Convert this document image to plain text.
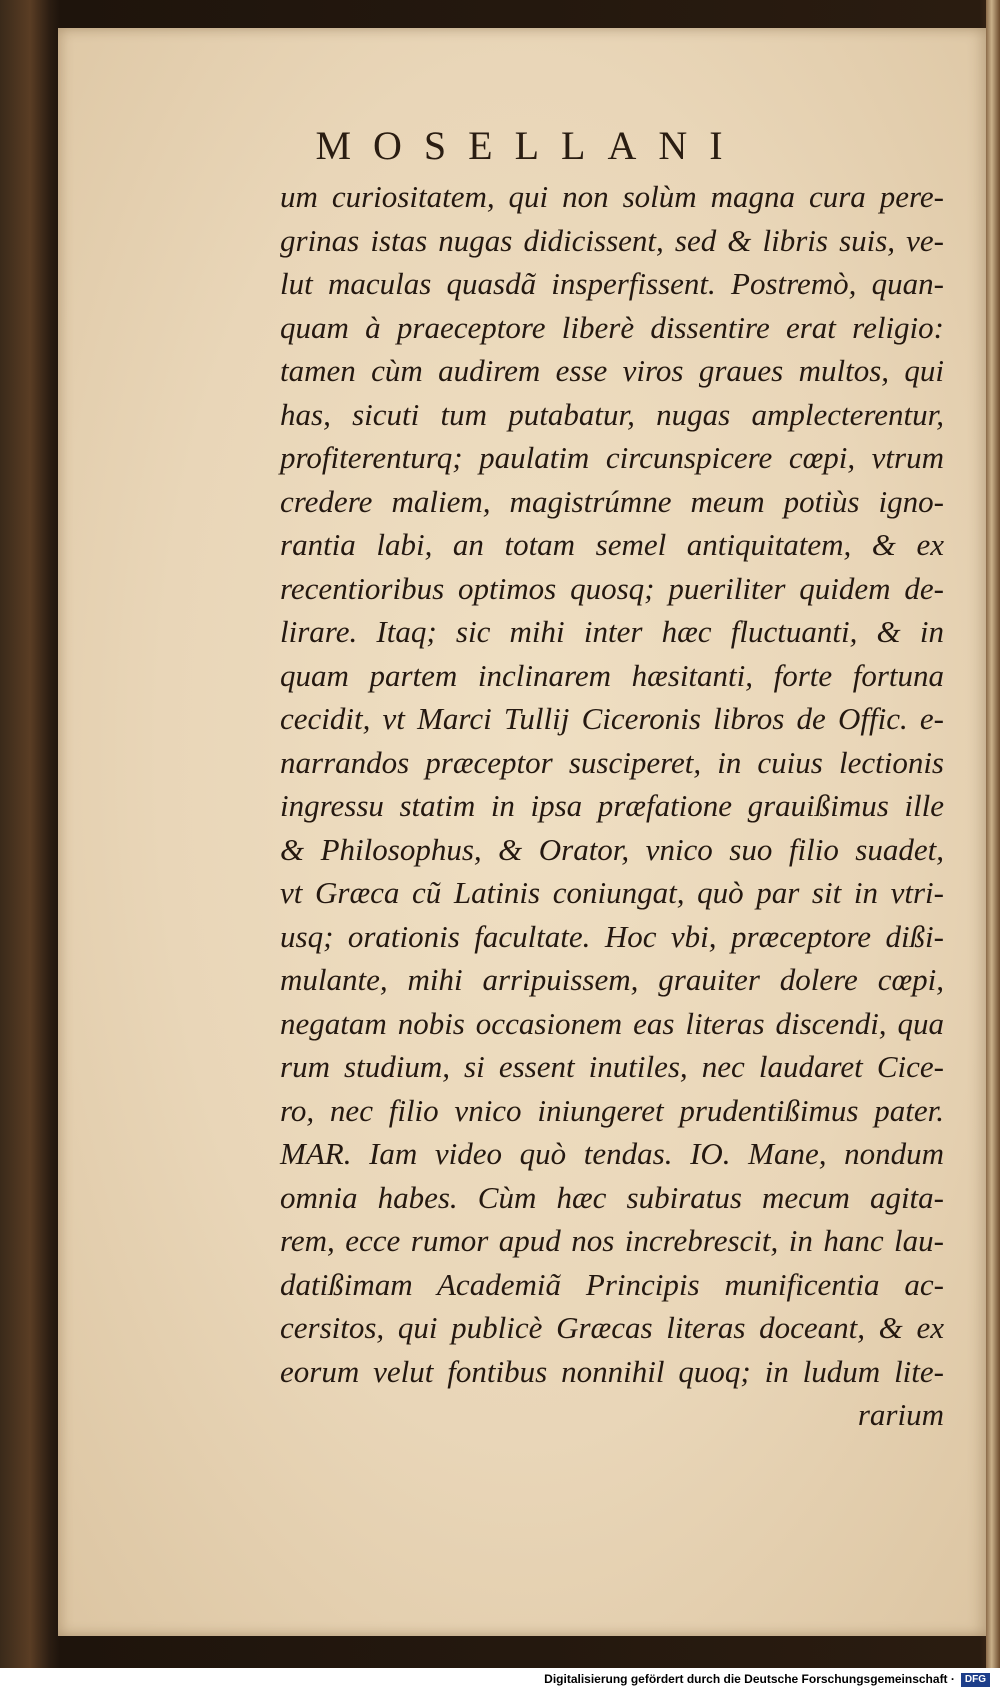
MOSELLANI
um curiositatem, qui non solùm magna cura pere-
grinas istas nugas didicissent, sed & libris suis, ve-
lut maculas quasdã insperfissent. Postremò, quan-
quam à praeceptore liberè dissentire erat religio:
tamen cùm audirem esse viros graues multos, qui
has, sicuti tum putabatur, nugas amplecterentur,
profiterenturq; paulatim circunspicere cœpi, vtrum
credere maliem, magistrúmne meum potiùs igno-
rantia labi, an totam semel antiquitatem, & ex
recentioribus optimos quosq; pueriliter quidem de-
lirare. Itaq; sic mihi inter hæc fluctuanti, & in
quam partem inclinarem hæsitanti, forte fortuna
cecidit, vt Marci Tullij Ciceronis libros de Offic. e-
narrandos præceptor susciperet, in cuius lectionis
ingressu statim in ipsa præfatione grauißimus ille
& Philosophus, & Orator, vnico suo filio suadet,
vt Græca cũ Latinis coniungat, quò par sit in vtri-
usq; orationis facultate. Hoc vbi, præceptore dißi-
mulante, mihi arripuissem, grauiter dolere cœpi,
negatam nobis occasionem eas literas discendi, qua
rum studium, si essent inutiles, nec laudaret Cice-
ro, nec filio vnico iniungeret prudentißimus pater.
MAR. Iam video quò tendas. IO. Mane, nondum
omnia habes. Cùm hæc subiratus mecum agita-
rem, ecce rumor apud nos increbrescit, in hanc lau-
datißimam Academiã Principis munificentia ac-
cersitos, qui publicè Græcas literas doceant, & ex
eorum velut fontibus nonnihil quoq; in ludum lite-
rarium
Digitalisierung gefördert durch die Deutsche Forschungsgemeinschaft · DFG
